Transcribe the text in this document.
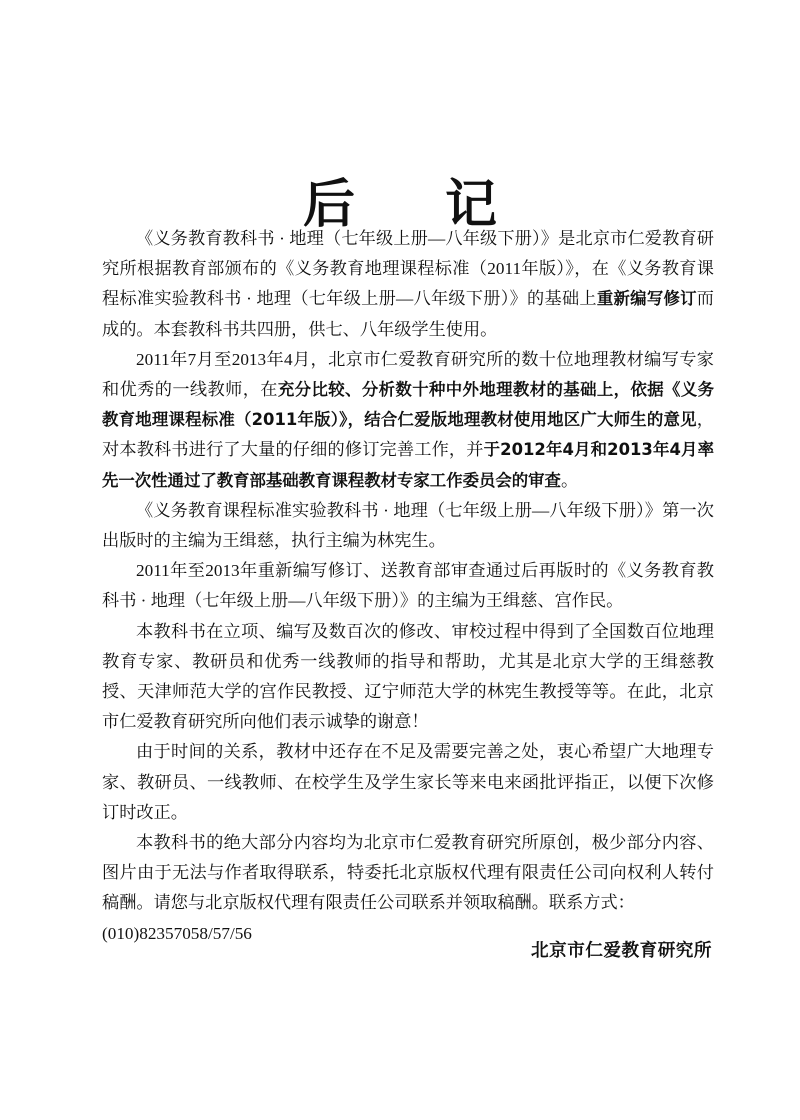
后 记

《义务教育教科书 · 地理（七年级上册—八年级下册）》是北京市仁爱教育研究所根据教育部颁布的《义务教育地理课程标准（2011年版）》，在《义务教育课程标准实验教科书 · 地理（七年级上册—八年级下册）》的基础上重新编写修订而成的。本套教科书共四册，供七、八年级学生使用。

2011年7月至2013年4月，北京市仁爱教育研究所的数十位地理教材编写专家和优秀的一线教师，在充分比较、分析数十种中外地理教材的基础上，依据《义务教育地理课程标准（2011年版）》，结合仁爱版地理教材使用地区广大师生的意见，对本教科书进行了大量的仔细的修订完善工作，并于2012年4月和2013年4月率先一次性通过了教育部基础教育课程教材专家工作委员会的审查。

《义务教育课程标准实验教科书 · 地理（七年级上册—八年级下册）》第一次出版时的主编为王缉慈，执行主编为林宪生。

2011年至2013年重新编写修订、送教育部审查通过后再版时的《义务教育教科书 · 地理（七年级上册—八年级下册）》的主编为王缉慈、宫作民。

本教科书在立项、编写及数百次的修改、审校过程中得到了全国数百位地理教育专家、教研员和优秀一线教师的指导和帮助，尤其是北京大学的王缉慈教授、天津师范大学的宫作民教授、辽宁师范大学的林宪生教授等等。在此，北京市仁爱教育研究所向他们表示诚挚的谢意！

由于时间的关系，教材中还存在不足及需要完善之处，衷心希望广大地理专家、教研员、一线教师、在校学生及学生家长等来电来函批评指正，以便下次修订时改正。

本教科书的绝大部分内容均为北京市仁爱教育研究所原创，极少部分内容、图片由于无法与作者取得联系，特委托北京版权代理有限责任公司向权利人转付稿酬。请您与北京版权代理有限责任公司联系并领取稿酬。联系方式：

(010)82357058/57/56

北京市仁爱教育研究所
